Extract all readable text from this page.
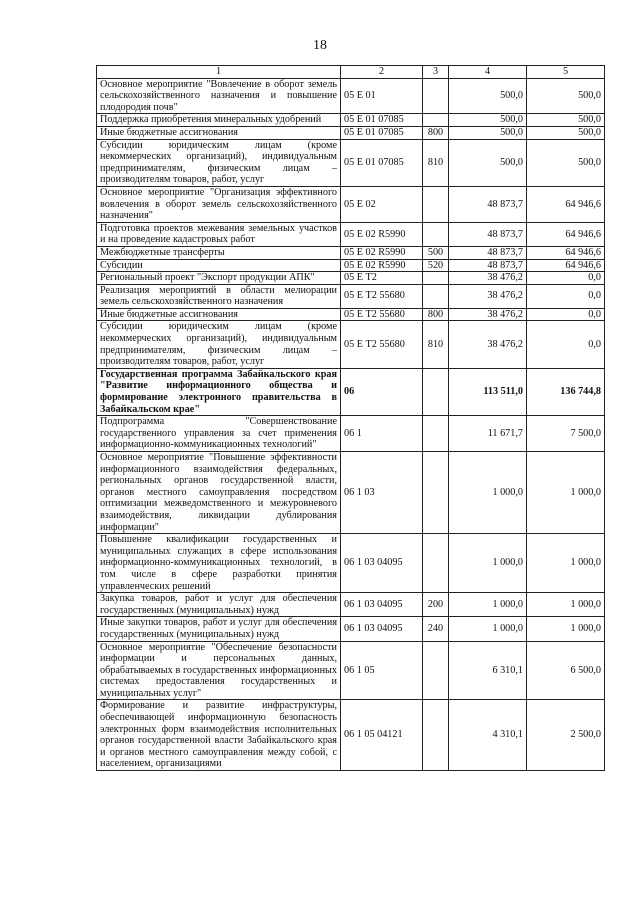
18
1	2	3	4	5
Основное мероприятие "Вовлечение в оборот земель сельскохозяйственного назначения и повышение плодородия почв"	05 Е 01		500,0	500,0
Поддержка приобретения минеральных удобрений	05 Е 01 07085		500,0	500,0
Иные бюджетные ассигнования	05 Е 01 07085	800	500,0	500,0
Субсидии юридическим лицам (кроме некоммерческих организаций), индивидуальным предпринимателям, физическим лицам – производителям товаров, работ, услуг	05 Е 01 07085	810	500,0	500,0
Основное мероприятие "Организация эффективного вовлечения в оборот земель сельскохозяйственного назначения"	05 Е 02		48 873,7	64 946,6
Подготовка проектов межевания земельных участков и на проведение кадастровых работ	05 Е 02 R5990		48 873,7	64 946,6
Межбюджетные трансферты	05 Е 02 R5990	500	48 873,7	64 946,6
Субсидии	05 Е 02 R5990	520	48 873,7	64 946,6
Региональный проект "Экспорт продукции АПК"	05 Е Т2		38 476,2	0,0
Реализация мероприятий в области мелиорации земель сельскохозяйственного назначения	05 Е Т2 55680		38 476,2	0,0
Иные бюджетные ассигнования	05 Е Т2 55680	800	38 476,2	0,0
Субсидии юридическим лицам (кроме некоммерческих организаций), индивидуальным предпринимателям, физическим лицам – производителям товаров, работ, услуг	05 Е Т2 55680	810	38 476,2	0,0
Государственная программа Забайкальского края "Развитие информационного общества и формирование электронного правительства в Забайкальском крае"	06		113 511,0	136 744,8
Подпрограмма "Совершенствование государственного управления за счет применения информационно-коммуникационных технологий"	06 1		11 671,7	7 500,0
Основное мероприятие "Повышение эффективности информационного взаимодействия федеральных, региональных органов государственной власти, органов местного самоуправления посредством оптимизации межведомственного и межуровневого взаимодействия, ликвидации дублирования информации"	06 1 03		1 000,0	1 000,0
Повышение квалификации государственных и муниципальных служащих в сфере использования информационно-коммуникационных технологий, в том числе в сфере разработки принятия управленческих решений	06 1 03 04095		1 000,0	1 000,0
Закупка товаров, работ и услуг для обеспечения государственных (муниципальных) нужд	06 1 03 04095	200	1 000,0	1 000,0
Иные закупки товаров, работ и услуг для обеспечения государственных (муниципальных) нужд	06 1 03 04095	240	1 000,0	1 000,0
Основное мероприятие "Обеспечение безопасности информации и персональных данных, обрабатываемых в государственных информационных системах предоставления государственных и муниципальных услуг"	06 1 05		6 310,1	6 500,0
Формирование и развитие инфраструктуры, обеспечивающей информационную безопасность электронных форм взаимодействия исполнительных органов государственной власти Забайкальского края и органов местного самоуправления между собой, с населением, организациями	06 1 05 04121		4 310,1	2 500,0
